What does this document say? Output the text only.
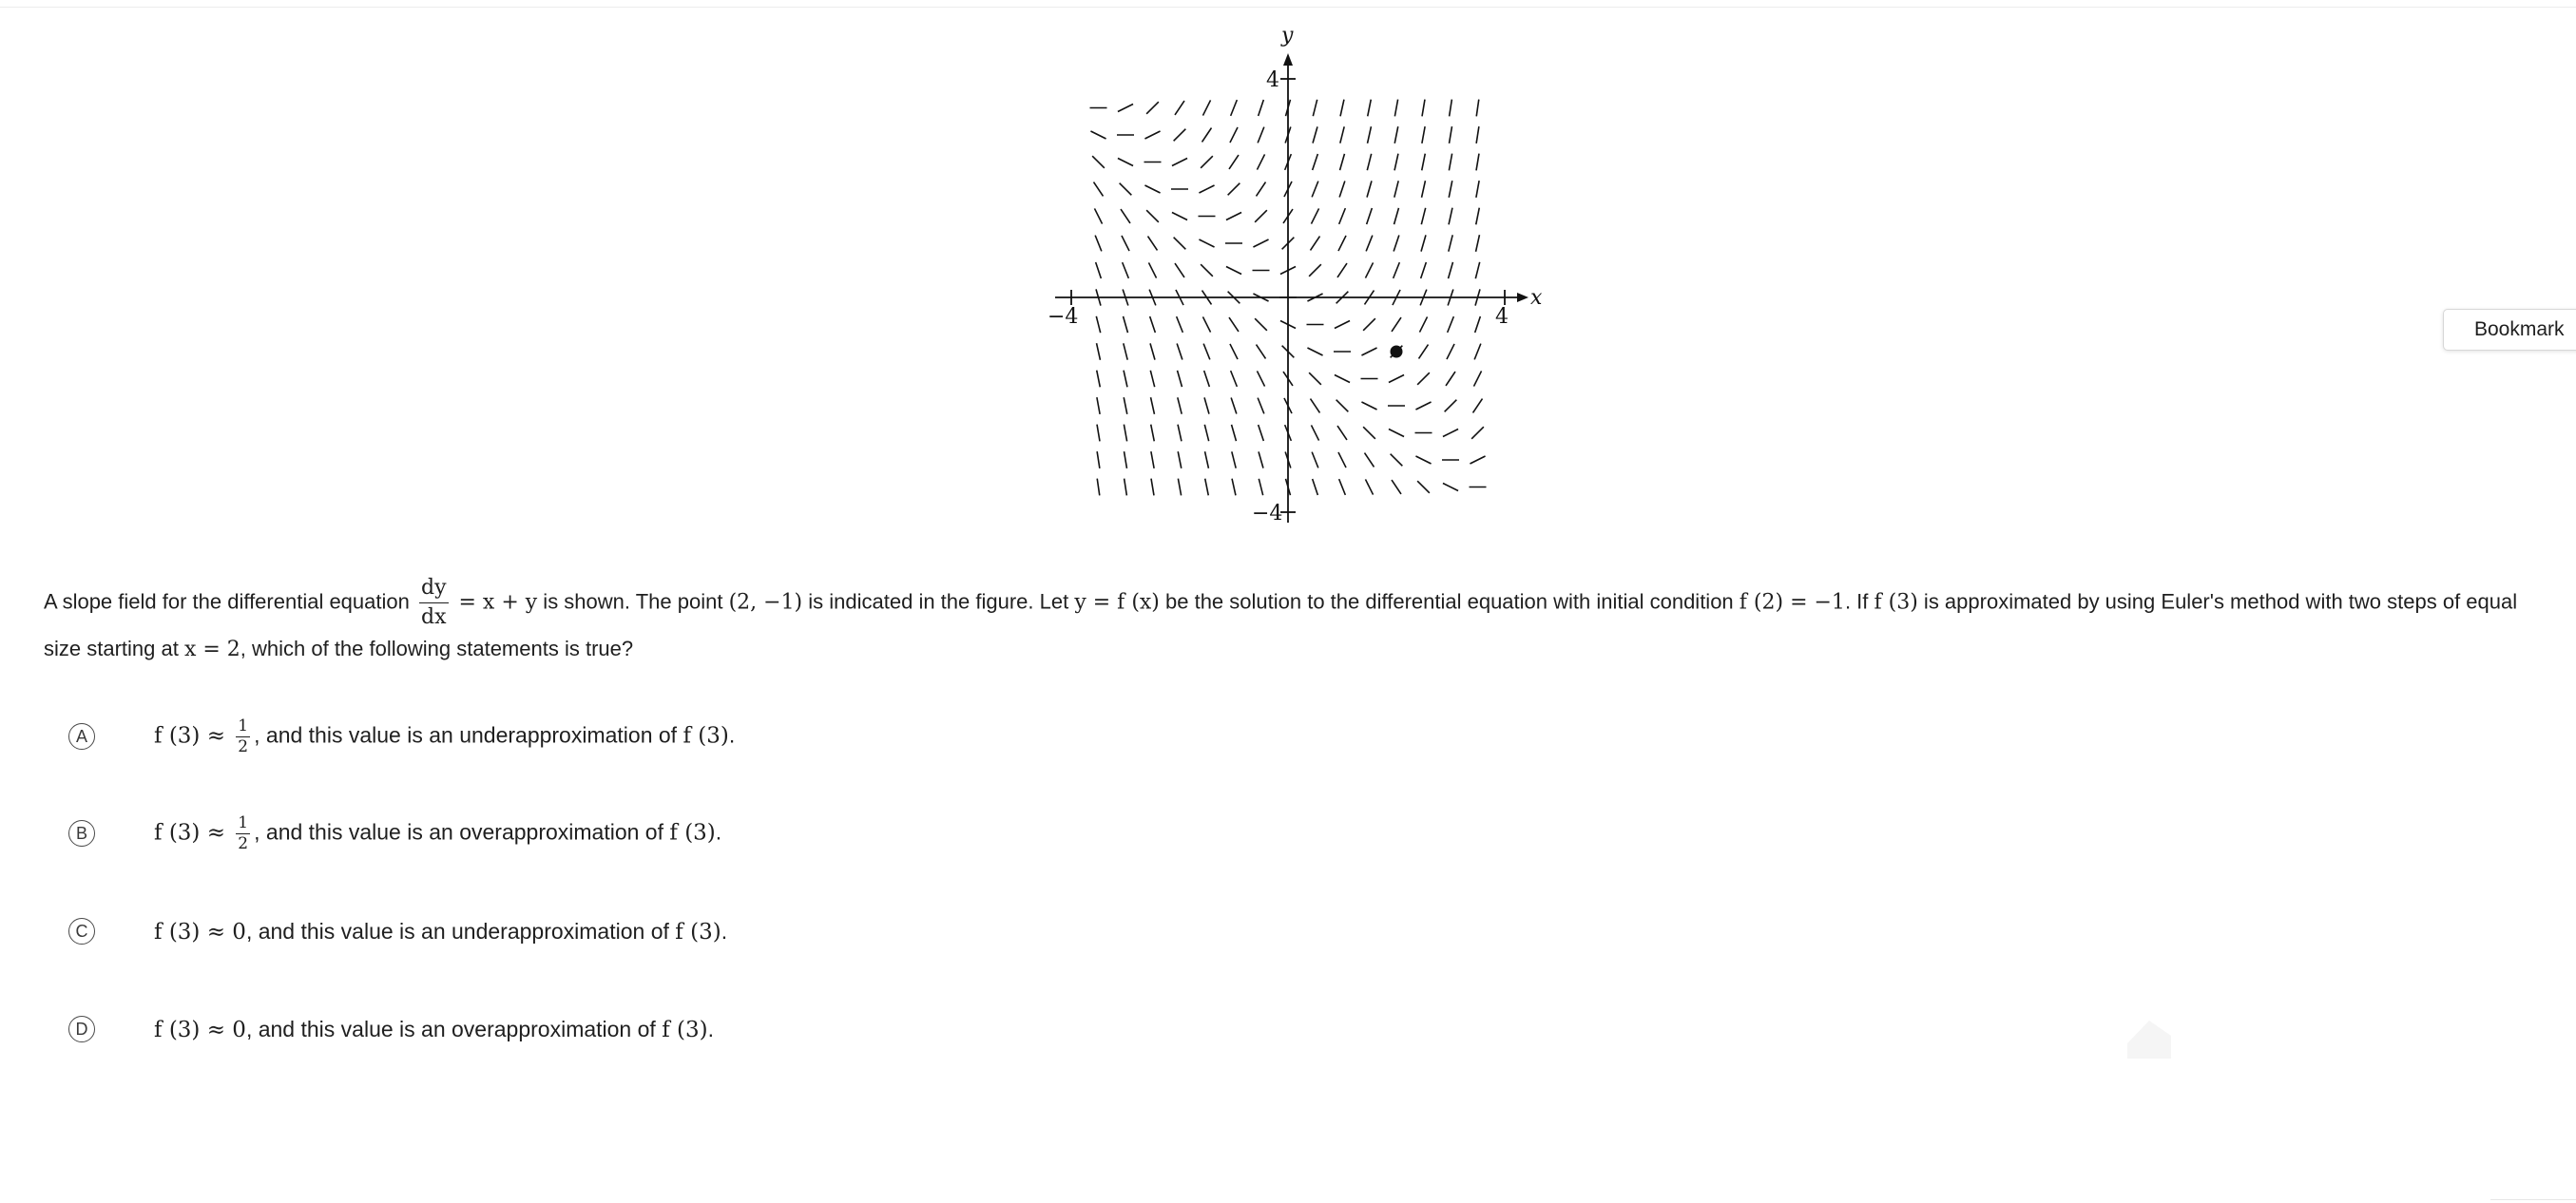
−4	4
4
−4
x
y
A slope field for the differential equation $\frac{dy}{dx} = x + y$ is shown. The point (2, −1) is indicated in the figure. Let y = f (x) be the solution to the differential equation with initial condition f (2) = −1. If f (3) is approximated by using Euler's method with two steps of equal size starting at x = 2, which of the following statements is true?
A	f $(3) \approx \frac{1}{2}$ , and this value is an underapproximation of f (3).
B	f $(3) \approx \frac{1}{2}$ , and this value is an overapproximation of f (3).
C	f (3) ≈ 0, and this value is an underapproximation of f (3).
D	f (3) ≈ 0, and this value is an overapproximation of f (3).
Bookmark
